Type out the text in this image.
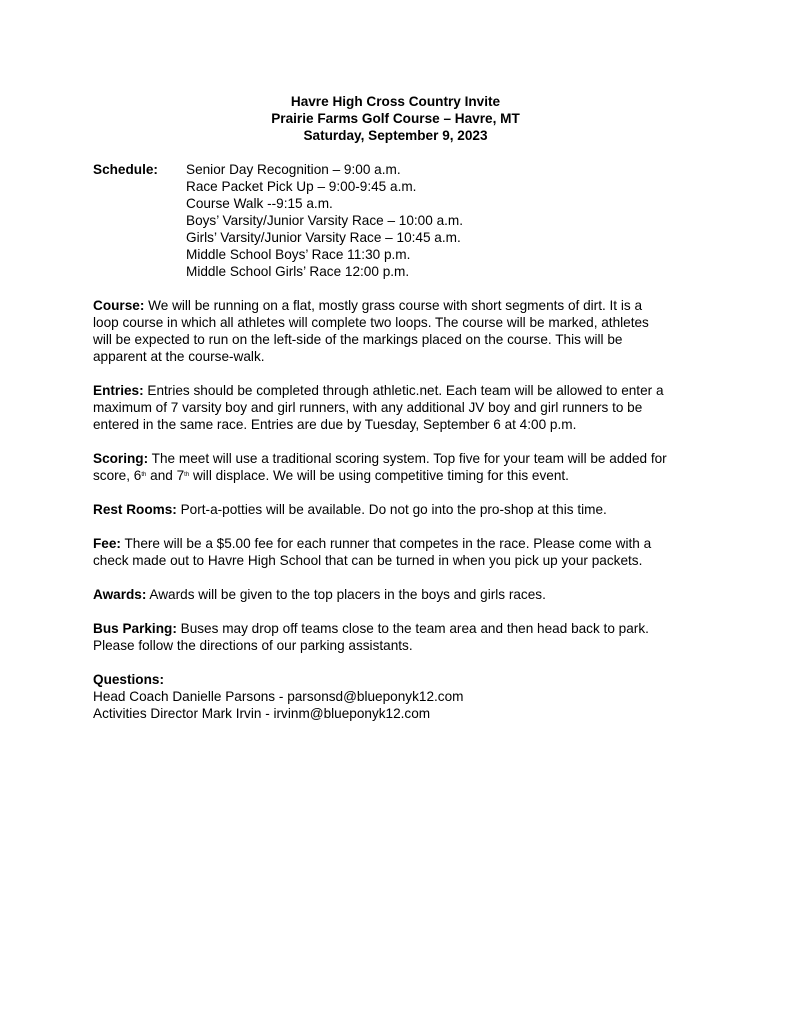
Havre High Cross Country Invite
Prairie Farms Golf Course – Havre, MT
Saturday, September 9, 2023
Schedule: Senior Day Recognition – 9:00 a.m.
Race Packet Pick Up – 9:00-9:45 a.m.
Course Walk --9:15 a.m.
Boys’ Varsity/Junior Varsity Race – 10:00 a.m.
Girls’ Varsity/Junior Varsity Race – 10:45 a.m.
Middle School Boys’ Race 11:30 p.m.
Middle School Girls’ Race 12:00 p.m.
Course: We will be running on a flat, mostly grass course with short segments of dirt. It is a
loop course in which all athletes will complete two loops. The course will be marked, athletes
will be expected to run on the left-side of the markings placed on the course. This will be
apparent at the course-walk.
Entries: Entries should be completed through athletic.net. Each team will be allowed to enter a
maximum of 7 varsity boy and girl runners, with any additional JV boy and girl runners to be
entered in the same race. Entries are due by Tuesday, September 6 at 4:00 p.m.
Scoring: The meet will use a traditional scoring system. Top five for your team will be added for
score, 6th and 7th will displace. We will be using competitive timing for this event.
Rest Rooms: Port-a-potties will be available. Do not go into the pro-shop at this time.
Fee: There will be a $5.00 fee for each runner that competes in the race. Please come with a
check made out to Havre High School that can be turned in when you pick up your packets.
Awards: Awards will be given to the top placers in the boys and girls races.
Bus Parking: Buses may drop off teams close to the team area and then head back to park.
Please follow the directions of our parking assistants.
Questions:
Head Coach Danielle Parsons - parsonsd@blueponyk12.com
Activities Director Mark Irvin - irvinm@blueponyk12.com
